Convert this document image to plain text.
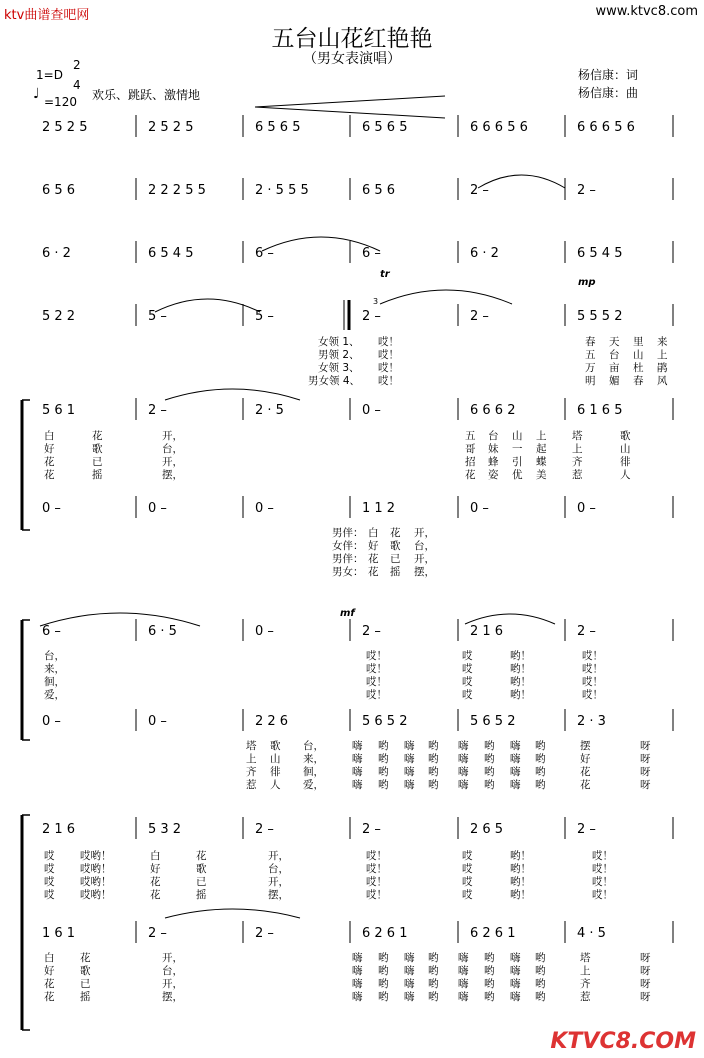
ktv曲谱查吧网	www.ktvc8.com
五台山花红艳艳
（男女表演唱）
杨信康：词
杨信康：曲
1=D
2
4
♩ =120 欢乐、跳跃、激情地
mp
mf
tr
3
2 5 2 5	2 5 2 5	6 5 6 5	6 5 6 5	6 6 6 5 6	6 6 6 5 6
6 5 6	2 2 2 5 5	2 · 5 5 5	6 5 6	2 –	2 –
6 · 2	6 5 4 5	6 –	6 –	6 · 2	6 5 4 5
5 2 2	5 –	5 –	2 –	2 –	5 5 5 2
5 6 1	2 –	2 · 5	0 –	6 6 6 2	6 1 6 5
0 –	0 –	0 –	1 1 2	0 –	0 –
6 –	6 · 5	0 –	2 –	2 1 6	2 –
0 –	0 –	2 2 6	5 6 5 2	5 6 5 2	2 · 3
2 1 6	5 3 2	2 –	2 –	2 6 5	2 –
1 6 1	2 –	2 –	6 2 6 1	6 2 6 1	4 · 5
女领 1、 哎！	春 天 里 来
男领 2、 哎！	五 台 山 上
女领 3、 哎！	万 亩 杜 鹃
男女领 4、 哎！	明 媚 春 风
白	花	开，	五 台 山 上 塔	歌
好	歌	台，	哥 妹 一 起 上	山
花	已	开，	招 蜂 引 蝶 齐	徘
花	摇	摆，	花 姿 优 美 惹	人
男伴： 白 花 开，
女伴： 好 歌 台，
男伴： 花 已 开，
男女： 花 摇 摆，
台，	哎！	哎	哟！	哎！
来，	哎！	哎	哟！	哎！
徊，	哎！	哎	哟！	哎！
爱，	哎！	哎	哟！	哎！
塔 歌 台，	嗨 哟 嗨 哟 嗨 哟 嗨 哟	摆	呀
上 山 来，	嗨 哟 嗨 哟 嗨 哟 嗨 哟	好	呀
齐 徘 徊，	嗨 哟 嗨 哟 嗨 哟 嗨 哟	花	呀
惹 人 爱，	嗨 哟 嗨 哟 嗨 哟 嗨 哟	花	呀
哎 哎哟！	白	花	开，	哎！	哎	哟！	哎！
哎 哎哟！	好	歌	台，	哎！	哎	哟！	哎！
哎 哎哟！	花	已	开，	哎！	哎	哟！	哎！
哎 哎哟！	花	摇	摆，	哎！	哎	哟！	哎！
白 花	开，	嗨 哟 嗨 哟 嗨 哟 嗨 哟	塔	呀
好 歌	台，	嗨 哟 嗨 哟 嗨 哟 嗨 哟	上	呀
花 已	开，	嗨 哟 嗨 哟 嗨 哟 嗨 哟	齐	呀
花 摇	摆，	嗨 哟 嗨 哟 嗨 哟 嗨 哟	惹	呀
KTVC8.COM
